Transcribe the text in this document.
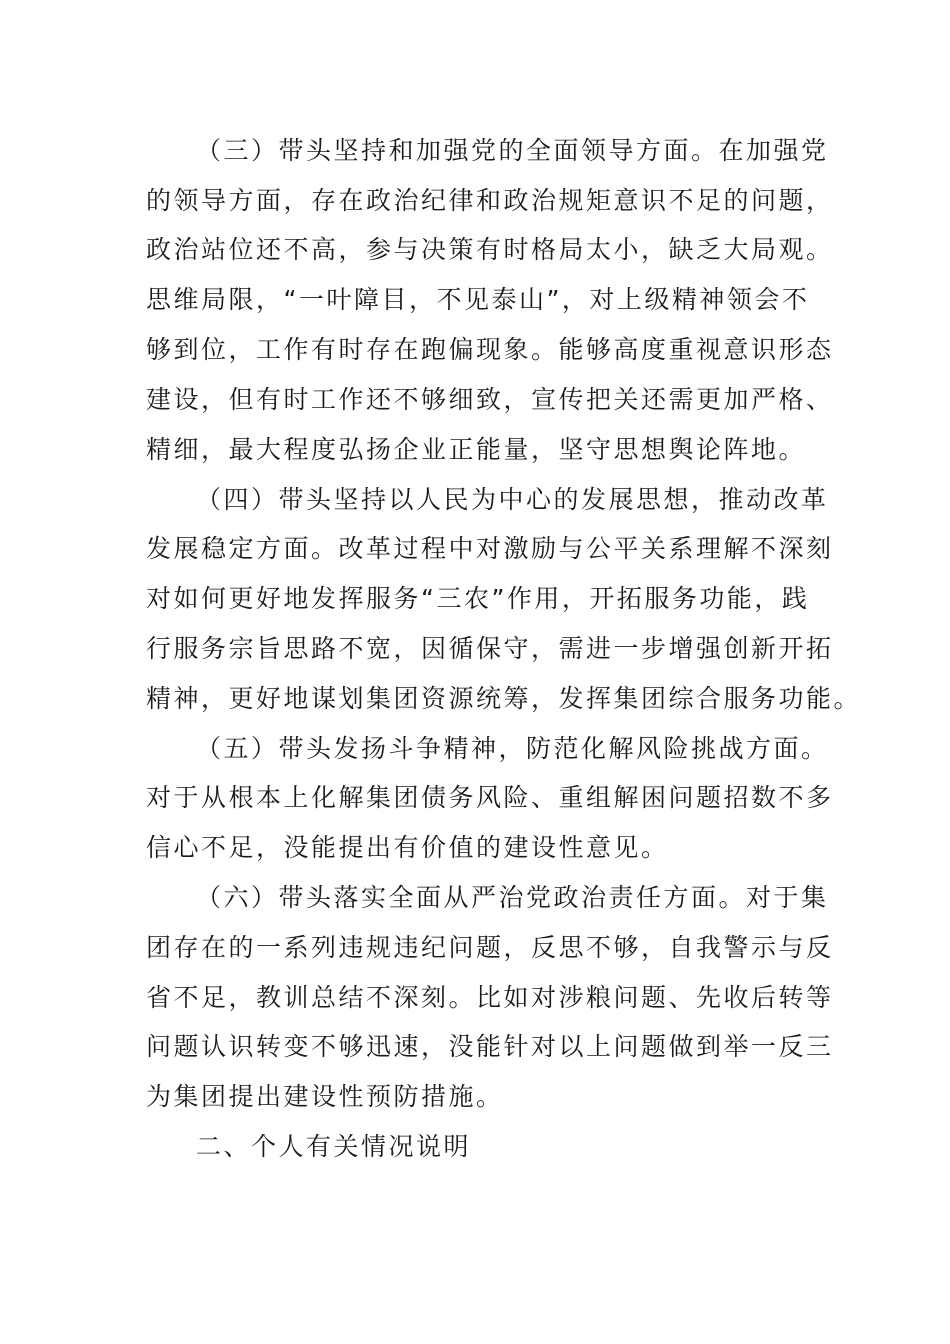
（三）带头坚持和加强党的全面领导方面。在加强党
的领导方面，存在政治纪律和政治规矩意识不足的问题，
政治站位还不高，参与决策有时格局太小，缺乏大局观。
思维局限，“一叶障目，不见泰山”，对上级精神领会不
够到位，工作有时存在跑偏现象。能够高度重视意识形态
建设，但有时工作还不够细致，宣传把关还需更加严格、
精细，最大程度弘扬企业正能量，坚守思想舆论阵地。
（四）带头坚持以人民为中心的发展思想，推动改革
发展稳定方面。改革过程中对激励与公平关系理解不深刻
对如何更好地发挥服务“三农”作用，开拓服务功能，践
行服务宗旨思路不宽，因循保守，需进一步增强创新开拓
精神，更好地谋划集团资源统筹，发挥集团综合服务功能。
（五）带头发扬斗争精神，防范化解风险挑战方面。
对于从根本上化解集团债务风险、重组解困问题招数不多
信心不足，没能提出有价值的建设性意见。
（六）带头落实全面从严治党政治责任方面。对于集
团存在的一系列违规违纪问题，反思不够，自我警示与反
省不足，教训总结不深刻。比如对涉粮问题、先收后转等
问题认识转变不够迅速，没能针对以上问题做到举一反三
为集团提出建设性预防措施。
二、个人有关情况说明
